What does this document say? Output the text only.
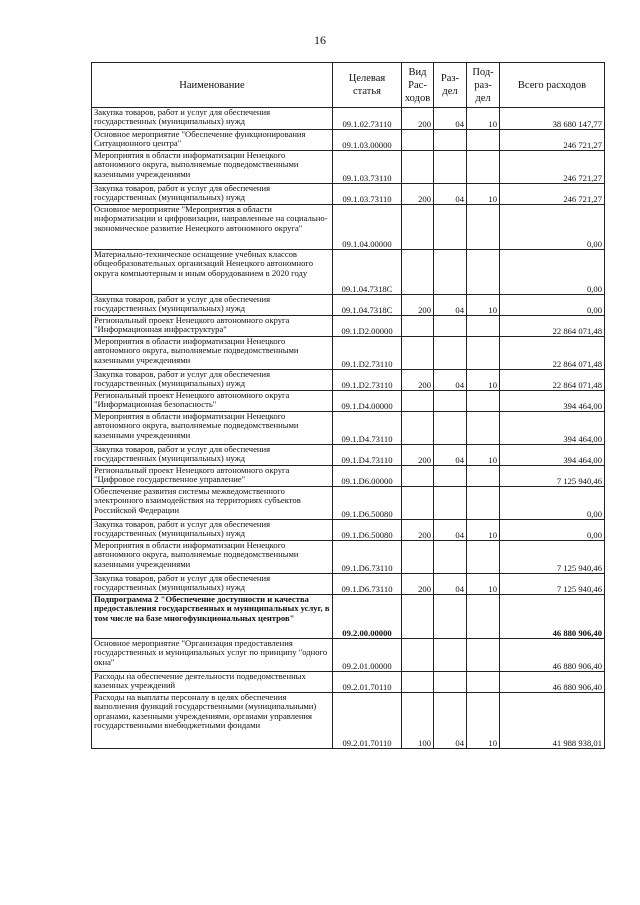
16
Наименование	Целевая статья	Вид Рас- ходов	Раз- дел	Под- раз- дел	Всего расходов
Закупка товаров, работ и услуг для обеспечения государственных (муниципальных) нужд	09.1.02.73110	200	04	10	38 680 147,77
Основное мероприятие "Обеспечение функционирования Ситуационного центра"	09.1.03.00000				246 721,27
Мероприятия в области информатизации Ненецкого автономного округа, выполняемые подведомственными казенными учреждениями	09.1.03.73110				246 721,27
Закупка товаров, работ и услуг для обеспечения государственных (муниципальных) нужд	09.1.03.73110	200	04	10	246 721,27
Основное мероприятие "Мероприятия в области информатизации и цифровизации, направленные на социально-экономическое развитие Ненецкого автономного округа"	09.1.04.00000				0,00
Материально-техническое оснащение учебных классов общеобразовательных организаций Ненецкого автономного округа компьютерным и иным оборудованием в 2020 году	09.1.04.7318С				0,00
Закупка товаров, работ и услуг для обеспечения государственных (муниципальных) нужд	09.1.04.7318С	200	04	10	0,00
Региональный проект Ненецкого автономного округа "Информационная инфраструктура"	09.1.D2.00000				22 864 071,48
Мероприятия в области информатизации Ненецкого автономного округа, выполняемые подведомственными казенными учреждениями	09.1.D2.73110				22 864 071,48
Закупка товаров, работ и услуг для обеспечения государственных (муниципальных) нужд	09.1.D2.73110	200	04	10	22 864 071,48
Региональный проект Ненецкого автономного округа "Информационная безопасность"	09.1.D4.00000				394 464,00
Мероприятия в области информатизации Ненецкого автономного округа, выполняемые подведомственными казенными учреждениями	09.1.D4.73110				394 464,00
Закупка товаров, работ и услуг для обеспечения государственных (муниципальных) нужд	09.1.D4.73110	200	04	10	394 464,00
Региональный проект Ненецкого автономного округа "Цифровое государственное управление"	09.1.D6.00000				7 125 940,46
Обеспечение развития системы межведомственного электронного взаимодействия на территориях субъектов Российской Федерации	09.1.D6.50080				0,00
Закупка товаров, работ и услуг для обеспечения государственных (муниципальных) нужд	09.1.D6.50080	200	04	10	0,00
Мероприятия в области информатизации Ненецкого автономного округа, выполняемые подведомственными казенными учреждениями	09.1.D6.73110				7 125 940,46
Закупка товаров, работ и услуг для обеспечения государственных (муниципальных) нужд	09.1.D6.73110	200	04	10	7 125 940,46
Подпрограмма 2 "Обеспечение доступности и качества предоставления государственных и муниципальных услуг, в том числе на базе многофункциональных центров"	09.2.00.00000				46 880 906,40
Основное мероприятие "Организация предоставления государственных и муниципальных услуг по принципу "одного окна"	09.2.01.00000				46 880 906,40
Расходы на обеспечение деятельности подведомственных казенных учреждений	09.2.01.70110				46 880 906,40
Расходы на выплаты персоналу в целях обеспечения выполнения функций государственными (муниципальными) органами, казенными учреждениями, органами управления государственными внебюджетными фондами	09.2.01.70110	100	04	10	41 988 938,01
